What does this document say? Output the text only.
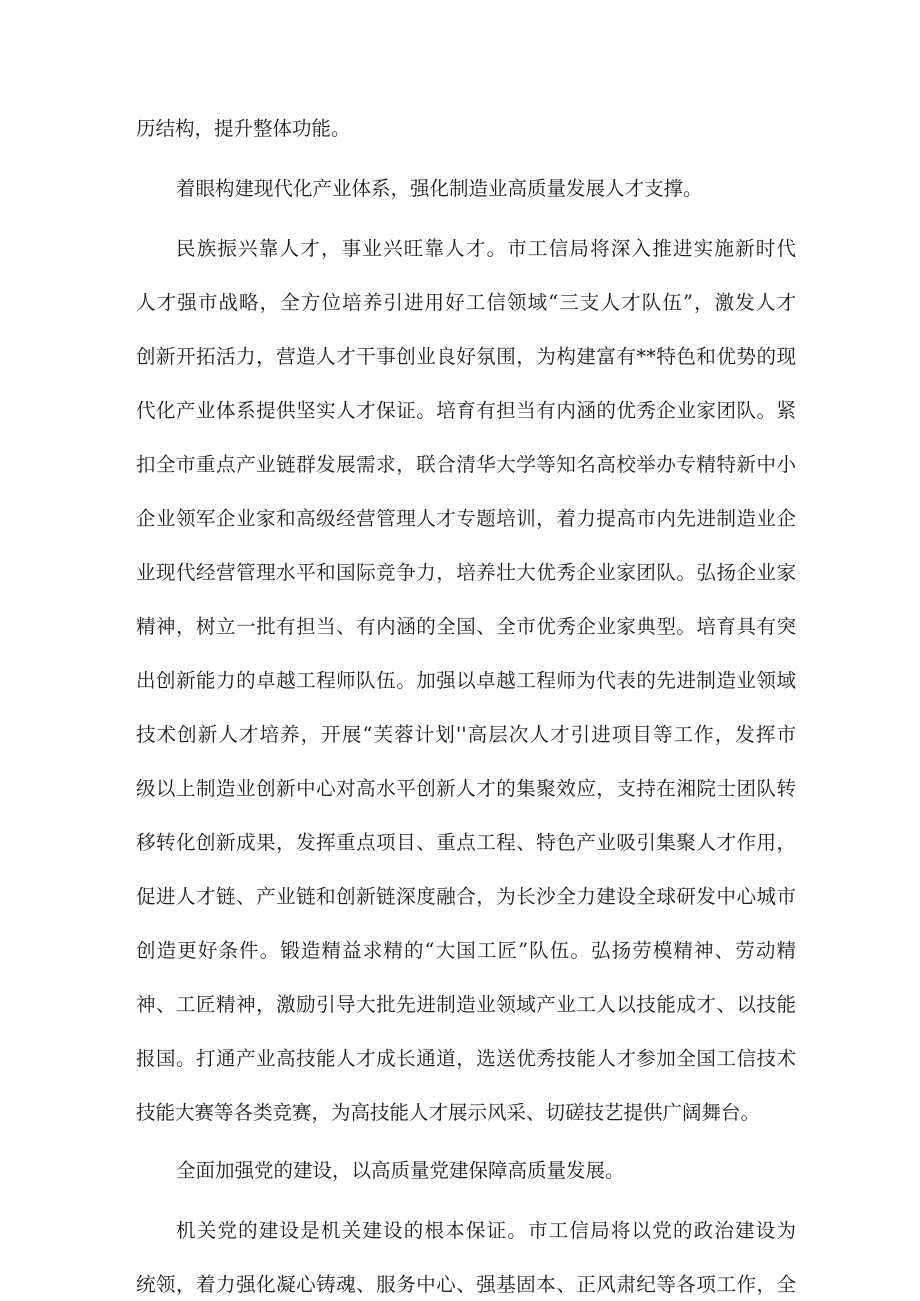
历结构，提升整体功能。
着眼构建现代化产业体系，强化制造业高质量发展人才支撑。
民族振兴靠人才，事业兴旺靠人才。市工信局将深入推进实施新时代
人才强市战略，全方位培养引进用好工信领域“三支人才队伍”，激发人才
创新开拓活力，营造人才干事创业良好氛围，为构建富有**特色和优势的现
代化产业体系提供坚实人才保证。培育有担当有内涵的优秀企业家团队。紧
扣全市重点产业链群发展需求，联合清华大学等知名高校举办专精特新中小
企业领军企业家和高级经营管理人才专题培训，着力提高市内先进制造业企
业现代经营管理水平和国际竞争力，培养壮大优秀企业家团队。弘扬企业家
精神，树立一批有担当、有内涵的全国、全市优秀企业家典型。培育具有突
出创新能力的卓越工程师队伍。加强以卓越工程师为代表的先进制造业领域
技术创新人才培养，开展“芙蓉计划''高层次人才引进项目等工作，发挥市
级以上制造业创新中心对高水平创新人才的集聚效应，支持在湘院士团队转
移转化创新成果，发挥重点项目、重点工程、特色产业吸引集聚人才作用，
促进人才链、产业链和创新链深度融合，为长沙全力建设全球研发中心城市
创造更好条件。锻造精益求精的“大国工匠”队伍。弘扬劳模精神、劳动精
神、工匠精神，激励引导大批先进制造业领域产业工人以技能成才、以技能
报国。打通产业高技能人才成长通道，选送优秀技能人才参加全国工信技术
技能大赛等各类竞赛，为高技能人才展示风采、切磋技艺提供广阔舞台。
全面加强党的建设，以高质量党建保障高质量发展。
机关党的建设是机关建设的根本保证。市工信局将以党的政治建设为
统领，着力强化凝心铸魂、服务中心、强基固本、正风肃纪等各项工作，全
